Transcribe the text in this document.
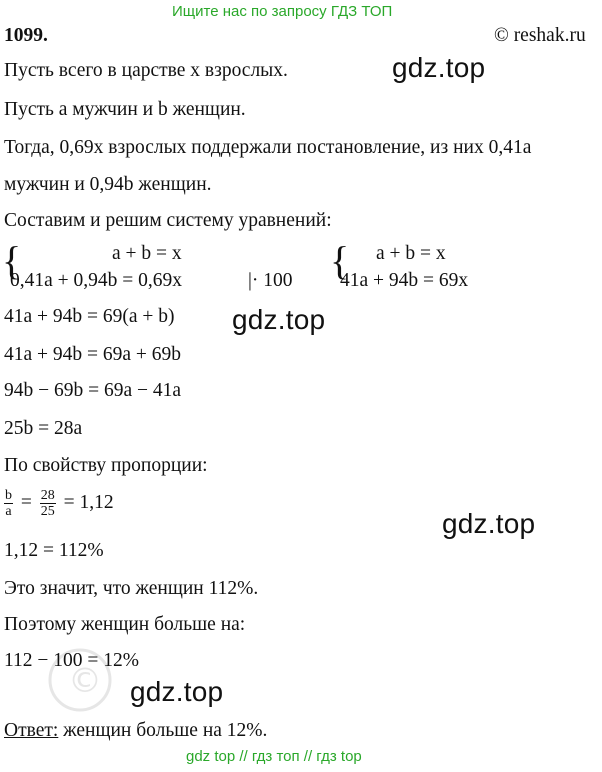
Ищите нас по запросу ГДЗ ТОП
1099.	© reshak.ru
gdz.top
gdz.top
gdz.top
gdz.top
©
Пусть всего в царстве x взрослых.
Пусть a мужчин и b женщин.
Тогда, 0,69x взрослых поддержали постановление, из них 0,41a
мужчин и 0,94b женщин.
Составим и решим систему уравнений:
{	a + b = x
0,41a + 0,94b = 0,69x	|· 100 { a + b = x
41a + 94b = 69x
41a + 94b = 69(a + b)
41a + 94b = 69a + 69b
94b − 69b = 69a − 41a
25b = 28a
По свойству пропорции:
$\frac{b}{a} = \frac{28}{25} = 1,12$
1,12 = 112%
Это значит, что женщин 112%.
Поэтому женщин больше на:
112 − 100 = 12%
Ответ: женщин больше на 12%.
gdz top // гдз топ // гдз top
